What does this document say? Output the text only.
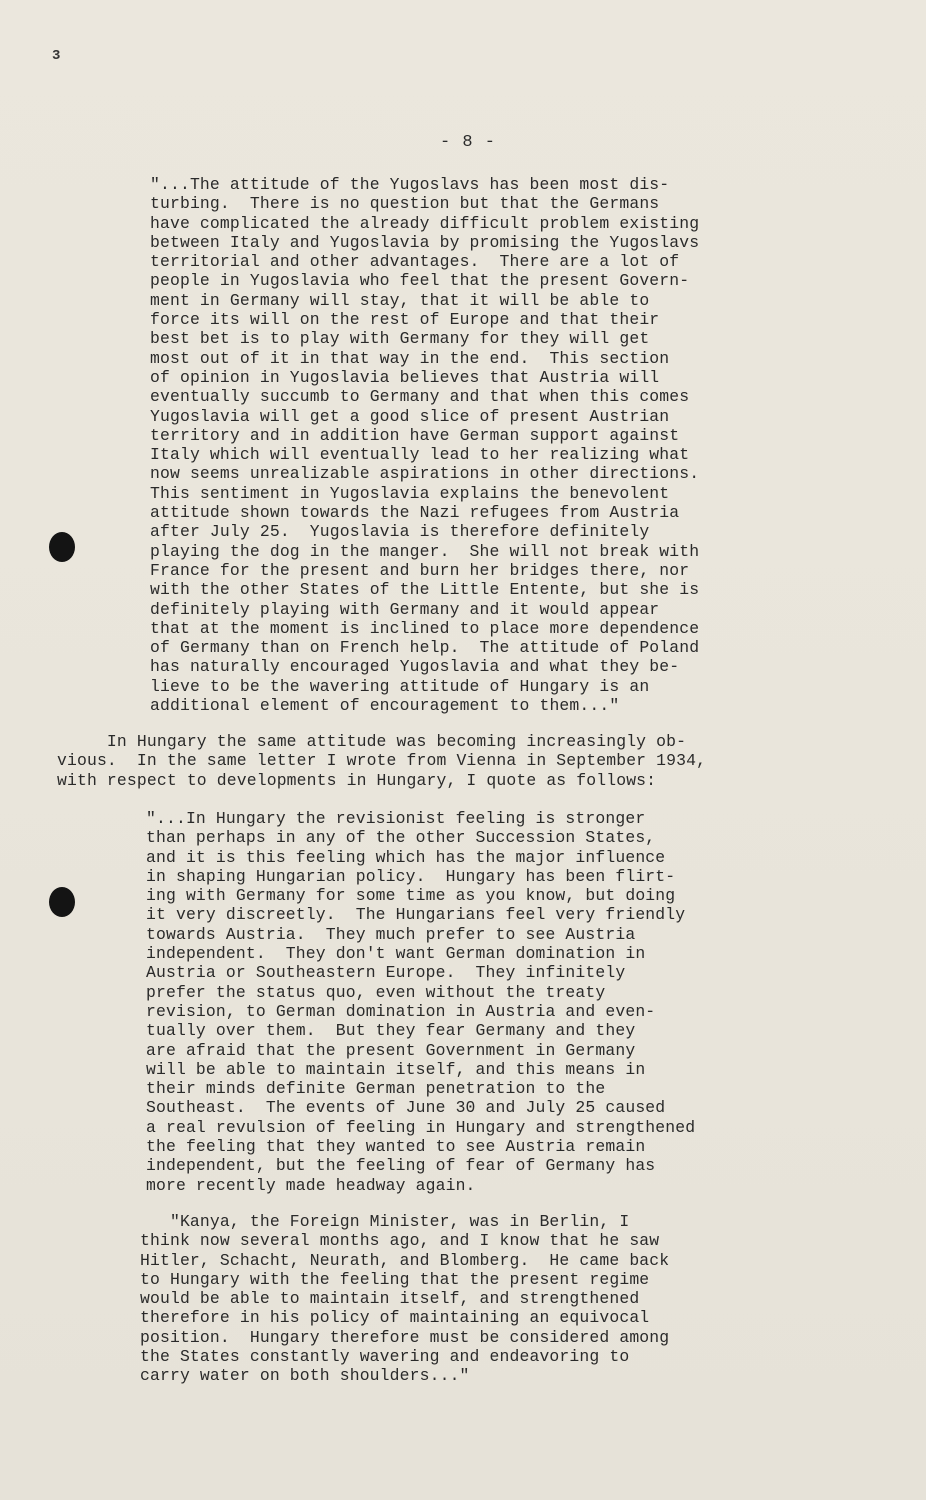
3
- 8 -
"...The attitude of the Yugoslavs has been most dis-
turbing.  There is no question but that the Germans
have complicated the already difficult problem existing
between Italy and Yugoslavia by promising the Yugoslavs
territorial and other advantages.  There are a lot of
people in Yugoslavia who feel that the present Govern-
ment in Germany will stay, that it will be able to
force its will on the rest of Europe and that their
best bet is to play with Germany for they will get
most out of it in that way in the end.  This section
of opinion in Yugoslavia believes that Austria will
eventually succumb to Germany and that when this comes
Yugoslavia will get a good slice of present Austrian
territory and in addition have German support against
Italy which will eventually lead to her realizing what
now seems unrealizable aspirations in other directions.
This sentiment in Yugoslavia explains the benevolent
attitude shown towards the Nazi refugees from Austria
after July 25.  Yugoslavia is therefore definitely
playing the dog in the manger.  She will not break with
France for the present and burn her bridges there, nor
with the other States of the Little Entente, but she is
definitely playing with Germany and it would appear
that at the moment is inclined to place more dependence
of Germany than on French help.  The attitude of Poland
has naturally encouraged Yugoslavia and what they be-
lieve to be the wavering attitude of Hungary is an
additional element of encouragement to them..."
In Hungary the same attitude was becoming increasingly ob-
vious.  In the same letter I wrote from Vienna in September 1934,
with respect to developments in Hungary, I quote as follows:
"...In Hungary the revisionist feeling is stronger
than perhaps in any of the other Succession States,
and it is this feeling which has the major influence
in shaping Hungarian policy.  Hungary has been flirt-
ing with Germany for some time as you know, but doing
it very discreetly.  The Hungarians feel very friendly
towards Austria.  They much prefer to see Austria
independent.  They don't want German domination in
Austria or Southeastern Europe.  They infinitely
prefer the status quo, even without the treaty
revision, to German domination in Austria and even-
tually over them.  But they fear Germany and they
are afraid that the present Government in Germany
will be able to maintain itself, and this means in
their minds definite German penetration to the
Southeast.  The events of June 30 and July 25 caused
a real revulsion of feeling in Hungary and strengthened
the feeling that they wanted to see Austria remain
independent, but the feeling of fear of Germany has
more recently made headway again.
"Kanya, the Foreign Minister, was in Berlin, I
think now several months ago, and I know that he saw
Hitler, Schacht, Neurath, and Blomberg.  He came back
to Hungary with the feeling that the present regime
would be able to maintain itself, and strengthened
therefore in his policy of maintaining an equivocal
position.  Hungary therefore must be considered among
the States constantly wavering and endeavoring to
carry water on both shoulders..."
